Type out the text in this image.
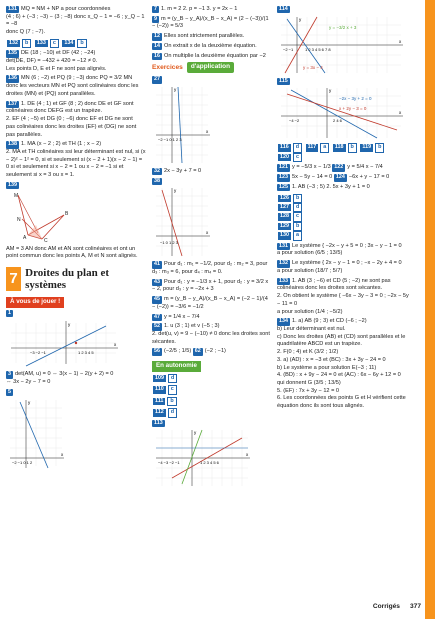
131 MQ = NM + NP a pour coordonnées
(4 ; 6) + (−3 ; −3) − (3 ; −8) donc x_Q − 1 = −6 ; y_Q − 1 = −8
donc Q (7 ; −7).
132 b 133 c 134 b
135 DE (18 ; −10) et DF (42 ; −24)
det(DE, DF) = −432 + 420 = −12 ≠ 0.
Les points D, E et F ne sont pas alignés.
136 MN (6 ; −2) et PQ (9 ; −3) donc PQ = 3/2 MN
donc les vecteurs MN et PQ sont colinéaires donc les droites (MN) et (PQ) sont parallèles.
137 1. DE (4 ; 1) et GF (8 ; 2) donc DE et GF sont
colinéaires donc DEFG est un trapèze.
2. EF (4 ; −5) et DG (0 ; −6) donc EF et DG ne sont
pas colinéaires donc les droites (EF) et (DG) ne sont pas parallèles.
138 1. MA (x − 2 ; 2) et TH (1 ; x − 2)
2. MA et TH colinéaires ssi leur déterminant est nul, si (x − 2)² − 1² = 0, si et seulement si (x − 2 + 1)(x − 2 − 1) = 0 si et seulement si x − 2 = 1 ou x − 2 = −1 si et seulement si x = 3 ou x = 1.
139
M
N
A	C
B
AM = 3 AN donc AM et AN sont colinéaires et ont un point commun donc les points A, M et N sont alignés.
7 Droites du plan et systèmes
À vous de jouer !
1
y
x
−3 −2 −1	1 2 3 4 5
3 det(AM, u) = 0 ⇔ 3(x − 1) − 2(y + 2) = 0
⇔ 3x − 2y − 7 = 0
5
y
x
−2 −1 0 1 2
7 1. m = 2 2. p = −1 3. y = 2x − 1
9 m = (y_B − y_A)/(x_B − x_A) = (2 − (−3))/(1 − (−2)) = 5/3
12 Elles sont strictement parallèles.
14 On extrait x de la deuxième équation.
16 On multiplie la deuxième équation par −2
Exercices	d'application
27
y
x
−2 −1 0 1 2 3
32 2x − 3y + 7 = 0
38
y
x
−1 0 1 2 3
41 Pour d₁ : m₁ = −1/2, pour d₂ : m₂ = 3, pour d₃ : m₃ = 6, pour d₄ : m₄ = 0.
43 Pour d₁ : y = −1/3 x + 1, pour d₂ : y = 3/2 x − 2, pour d₃ : y = −2x + 3
45 m = (y_B − y_A)/(x_B − x_A) = (−2 − 1)/(4 − (−2)) = −3/6 = −1/2
47 y = 1/4 x − 7/4
52 1. u (3 ; 1) et v (−5 ; 3)
2. det(u, v) = 9 − (−10) ≠ 0 donc les droites sont sécantes.
56 (−2/5 ; 1/5) 62 (−2 ; −1)
En autonomie
109 d
110 c
111 b
112 d
113
y
x
−4 −3 −2 −1	1 2 3 4 5 6
114
y = −3/2 x + 3
y = 3x − 4
y
x
−2 −1	1 2 3 4 5 6 7 8
115
−2x − 3y + 2 = 0
x + 2y − 3 = 0
y
x
−4 −2	2 4 6
116 d 117 a 118 b 119 b
120 c
121 y = −5/3 x − 1/3 122 y = 5/4 x − 7/4
123 5x − 5y − 14 = 0 124 −6x + y − 17 = 0
125 1. AB (−3 ; 5) 2. 5x + 3y + 1 = 0
126 b
127 d
128 c
129 b
130 a
131 Le système { −2x − y + 5 = 0 ; 3x − y − 1 = 0
a pour solution (6/5 ; 13/5)
132 Le système { 2x − y − 1 = 0 ; −x − 2y + 4 = 0
a pour solution (18/7 ; 5/7)
133 1. AB (3 ; −6) et CD (5 ; −2) ne sont pas
colinéaires donc les droites sont sécantes.
2. On obtient le système { −6x − 3y − 3 = 0 ; −2x − 5y − 11 = 0
a pour solution (1/4 ; −5/2)
134 1. a) AB (9 ; 3) et CD (−6 ; −2)
b) Leur déterminant est nul.
c) Donc les droites (AB) et (CD) sont parallèles et le quadrilatère ABCD est un trapèze.
2. F(0 ; 4) et K (3/2 ; 1/2)
3. a) (AD) : x = −3 et (BC) : 3x + 3y − 24 = 0
b) Le système a pour solution E(−3 ; 11)
4. (BD) : x + 9y − 24 = 0 et (AC) : 6x − 6y + 12 = 0
qui donnent G (3/5 ; 13/5)
5. (EF) : 7x + 3y − 12 = 0
6. Les coordonnées des points G et H vérifient cette équation donc ils sont tous alignés.
Corrigés 377
